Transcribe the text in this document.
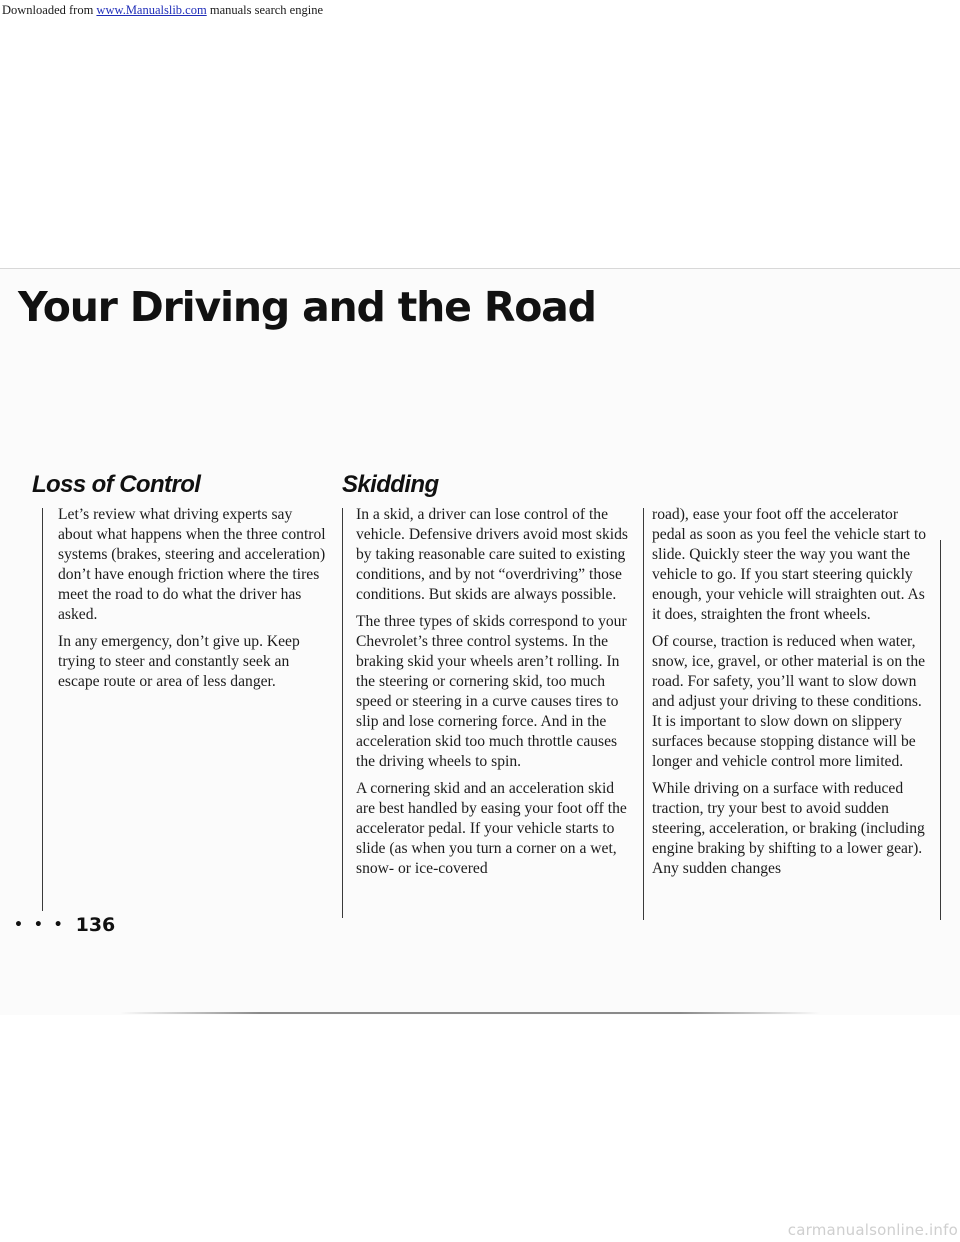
Downloaded from www.Manualslib.com manuals search engine
Your Driving and the Road
Loss of Control

Let’s review what driving experts say about what happens when the three control systems (brakes, steering and acceleration) don’t have enough friction where the tires meet the road to do what the driver has asked.

In any emergency, don’t give up. Keep trying to steer and constantly seek an escape route or area of less danger.

Skidding

In a skid, a driver can lose control of the vehicle. Defensive drivers avoid most skids by taking reasonable care suited to existing conditions, and by not “overdriving” those conditions. But skids are always possible.

The three types of skids correspond to your Chevrolet’s three control systems. In the braking skid your wheels aren’t rolling. In the steering or cornering skid, too much speed or steering in a curve causes tires to slip and lose cornering force. And in the acceleration skid too much throttle causes the driving wheels to spin.

A cornering skid and an acceleration skid are best handled by easing your foot off the accelerator pedal. If your vehicle starts to slide (as when you turn a corner on a wet, snow- or ice-covered

road), ease your foot off the accelerator pedal as soon as you feel the vehicle start to slide. Quickly steer the way you want the vehicle to go. If you start steering quickly enough, your vehicle will straighten out. As it does, straighten the front wheels.

Of course, traction is reduced when water, snow, ice, gravel, or other material is on the road. For safety, you’ll want to slow down and adjust your driving to these conditions. It is important to slow down on slippery surfaces because stopping distance will be longer and vehicle control more limited.

While driving on a surface with reduced traction, try your best to avoid sudden steering, acceleration, or braking (including engine braking by shifting to a lower gear). Any sudden changes

• • • 136
carmanualsonline.info
